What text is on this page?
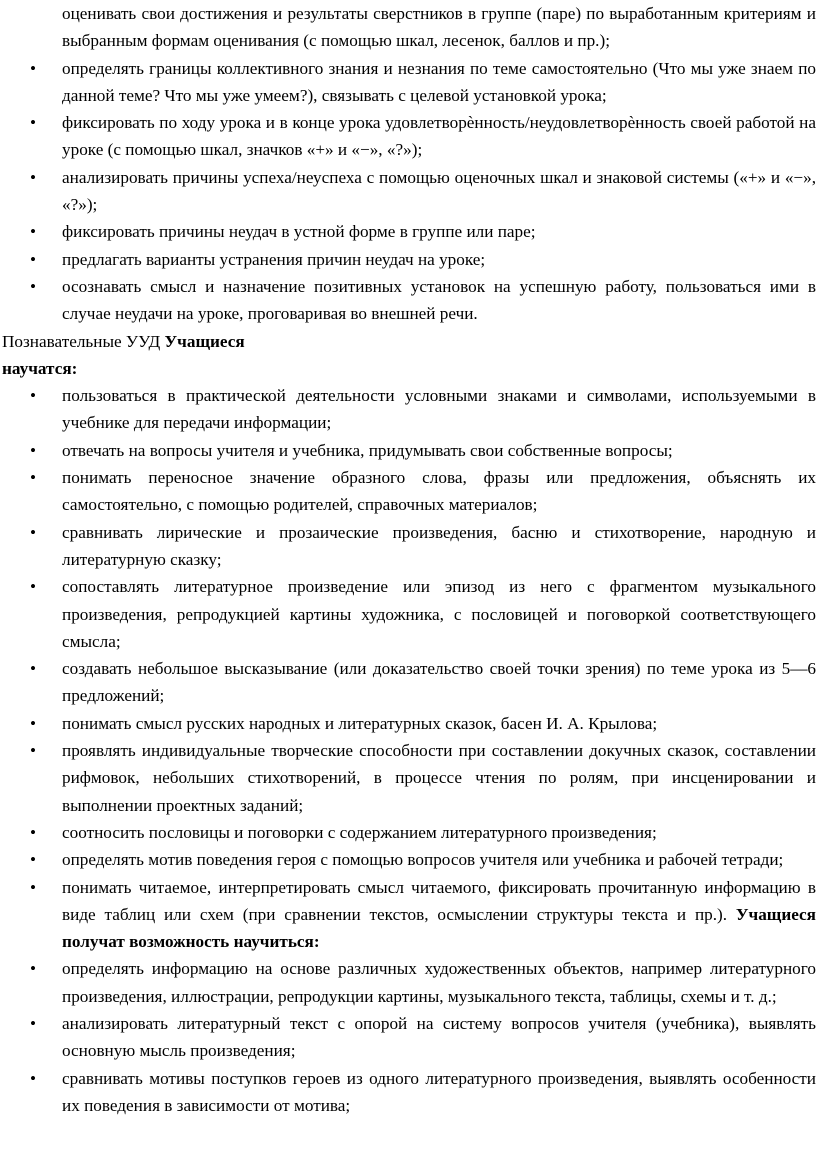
оценивать свои достижения и результаты сверстников в группе (паре) по выработанным критериям и выбранным формам оценивания (с помощью шкал, лесенок, баллов и пр.);

• определять границы коллективного знания и незнания по теме самостоятельно (Что мы уже знаем по данной теме? Что мы уже умеем?), связывать с целевой установкой урока;
• фиксировать по ходу урока и в конце урока удовлетворѐнность/неудовлетворѐнность своей работой на уроке (с помощью шкал, значков «+» и «−», «?»);
• анализировать причины успеха/неуспеха с помощью оценочных шкал и знаковой системы («+» и «−», «?»);
• фиксировать причины неудач в устной форме в группе или паре;
• предлагать варианты устранения причин неудач на уроке;
• осознавать смысл и назначение позитивных установок на успешную работу, пользоваться ими в случае неудачи на уроке, проговаривая во внешней речи.

Познавательные УУД Учащиеся
научатся:

• пользоваться в практической деятельности условными знаками и символами, используемыми в учебнике для передачи информации;
• отвечать на вопросы учителя и учебника, придумывать свои собственные вопросы;
• понимать переносное значение образного слова, фразы или предложения, объяснять их самостоятельно, с помощью родителей, справочных материалов;
• сравнивать лирические и прозаические произведения, басню и стихотворение, народную и литературную сказку;
• сопоставлять литературное произведение или эпизод из него с фрагментом музыкального произведения, репродукцией картины художника, с пословицей и поговоркой соответствующего смысла;
• создавать небольшое высказывание (или доказательство своей точки зрения) по теме урока из 5—6 предложений;
• понимать смысл русских народных и литературных сказок, басен И. А. Крылова;
• проявлять индивидуальные творческие способности при составлении докучных сказок, составлении рифмовок, небольших стихотворений, в процессе чтения по ролям, при инсценировании и выполнении проектных заданий;
• соотносить пословицы и поговорки с содержанием литературного произведения;
• определять мотив поведения героя с помощью вопросов учителя или учебника и рабочей тетради;
• понимать читаемое, интерпретировать смысл читаемого, фиксировать прочитанную информацию в виде таблиц или схем (при сравнении текстов, осмыслении структуры текста и пр.). Учащиеся получат возможность научиться:
• определять информацию на основе различных художественных объектов, например литературного произведения, иллюстрации, репродукции картины, музыкального текста, таблицы, схемы и т. д.;
• анализировать литературный текст с опорой на систему вопросов учителя (учебника), выявлять основную мысль произведения;
• сравнивать мотивы поступков героев из одного литературного произведения, выявлять особенности их поведения в зависимости от мотива;
